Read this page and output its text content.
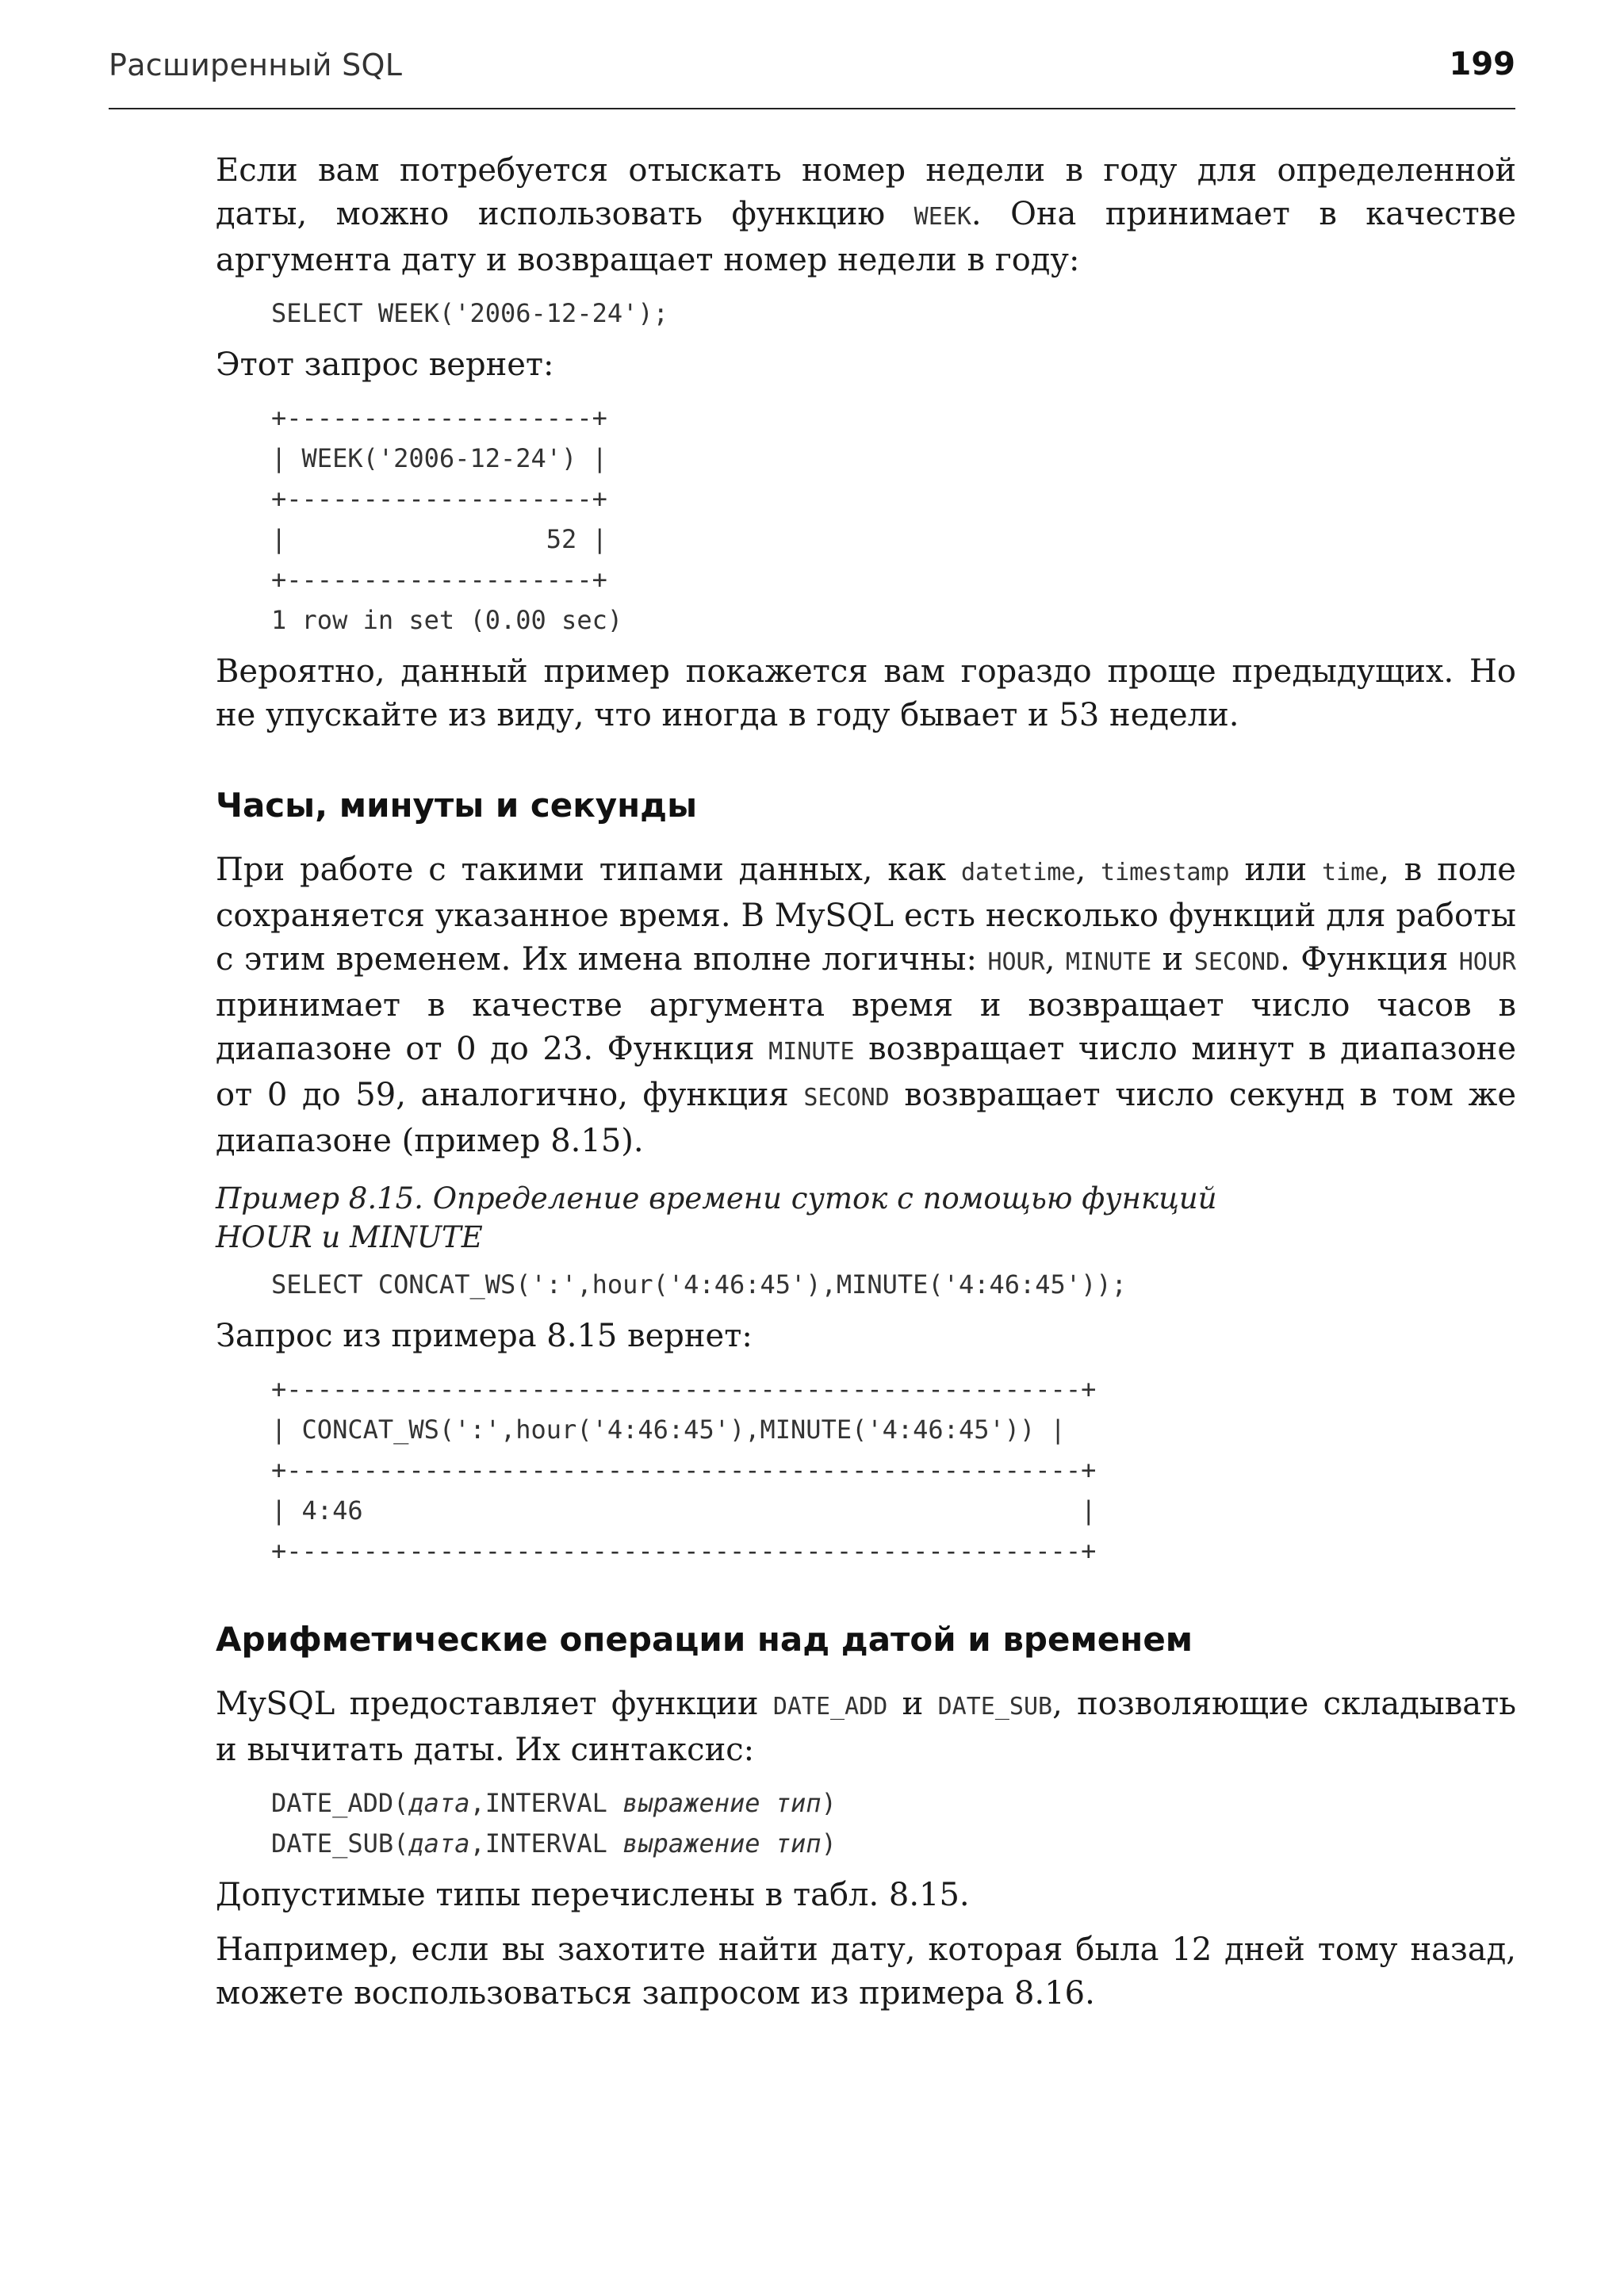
Расширенный SQL	199

Если вам потребуется отыскать номер недели в году для определенной даты, можно использовать функцию WEEK. Она принимает в качестве аргумента дату и возвращает номер недели в году:

SELECT WEEK('2006-12-24');

Этот запрос вернет:

+--------------------+
| WEEK('2006-12-24') |
+--------------------+
|                 52 |
+--------------------+
1 row in set (0.00 sec)

Вероятно, данный пример покажется вам гораздо проще предыдущих. Но не упускайте из виду, что иногда в году бывает и 53 недели.

Часы, минуты и секунды

При работе с такими типами данных, как datetime, timestamp или time, в поле сохраняется указанное время. В MySQL есть несколько функций для работы с этим временем. Их имена вполне логичны: HOUR, MINUTE и SECOND. Функция HOUR принимает в качестве аргумента время и возвращает число часов в диапазоне от 0 до 23. Функция MINUTE возвращает число минут в диапазоне от 0 до 59, аналогично, функция SECOND возвращает число секунд в том же диапазоне (пример 8.15).

Пример 8.15. Определение времени суток с помощью функций
HOUR и MINUTE
SELECT CONCAT_WS(':',hour('4:46:45'),MINUTE('4:46:45'));

Запрос из примера 8.15 вернет:

+----------------------------------------------------+
| CONCAT_WS(':',hour('4:46:45'),MINUTE('4:46:45')) |
+----------------------------------------------------+
| 4:46                                               |
+----------------------------------------------------+
Арифметические операции над датой и временем

MySQL предоставляет функции DATE_ADD и DATE_SUB, позволяющие складывать и вычитать даты. Их синтаксис:

DATE_ADD(дата,INTERVAL выражение тип)
DATE_SUB(дата,INTERVAL выражение тип)

Допустимые типы перечислены в табл. 8.15.

Например, если вы захотите найти дату, которая была 12 дней тому назад, можете воспользоваться запросом из примера 8.16.
